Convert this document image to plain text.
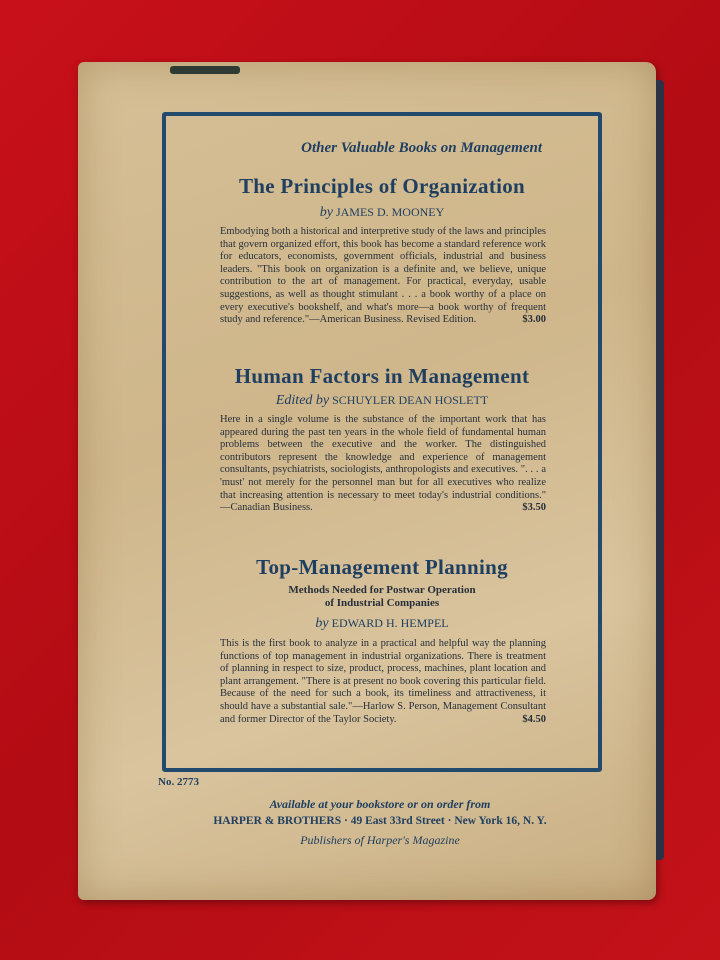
Other Valuable Books on Management
The Principles of Organization
by JAMES D. MOONEY
Embodying both a historical and interpretive study of the laws and principles that govern organized effort, this book has become a standard reference work for educators, economists, government officials, industrial and business leaders. "This book on organization is a definite and, we believe, unique contribution to the art of management. For practical, everyday, usable suggestions, as well as thought stimulant . . . a book worthy of a place on every executive's bookshelf, and what's more—a book worthy of frequent study and reference."—American Business. Revised Edition.	$3.00
Human Factors in Management
Edited by SCHUYLER DEAN HOSLETT
Here in a single volume is the substance of the important work that has appeared during the past ten years in the whole field of fundamental human problems between the executive and the worker. The distinguished contributors represent the knowledge and experience of management consultants, psychiatrists, sociologists, anthropologists and executives. ". . . a 'must' not merely for the personnel man but for all executives who realize that increasing attention is necessary to meet today's industrial conditions." —Canadian Business.	$3.50
Top-Management Planning
Methods Needed for Postwar Operation
of Industrial Companies
by EDWARD H. HEMPEL
This is the first book to analyze in a practical and helpful way the planning functions of top management in industrial organizations. There is treatment of planning in respect to size, product, process, machines, plant location and plant arrangement. "There is at present no book covering this particular field. Because of the need for such a book, its timeliness and attractiveness, it should have a substantial sale."—Harlow S. Person, Management Consultant and former Director of the Taylor Society.	$4.50
No. 2773
Available at your bookstore or on order from
HARPER & BROTHERS · 49 East 33rd Street · New York 16, N. Y.
Publishers of Harper's Magazine
